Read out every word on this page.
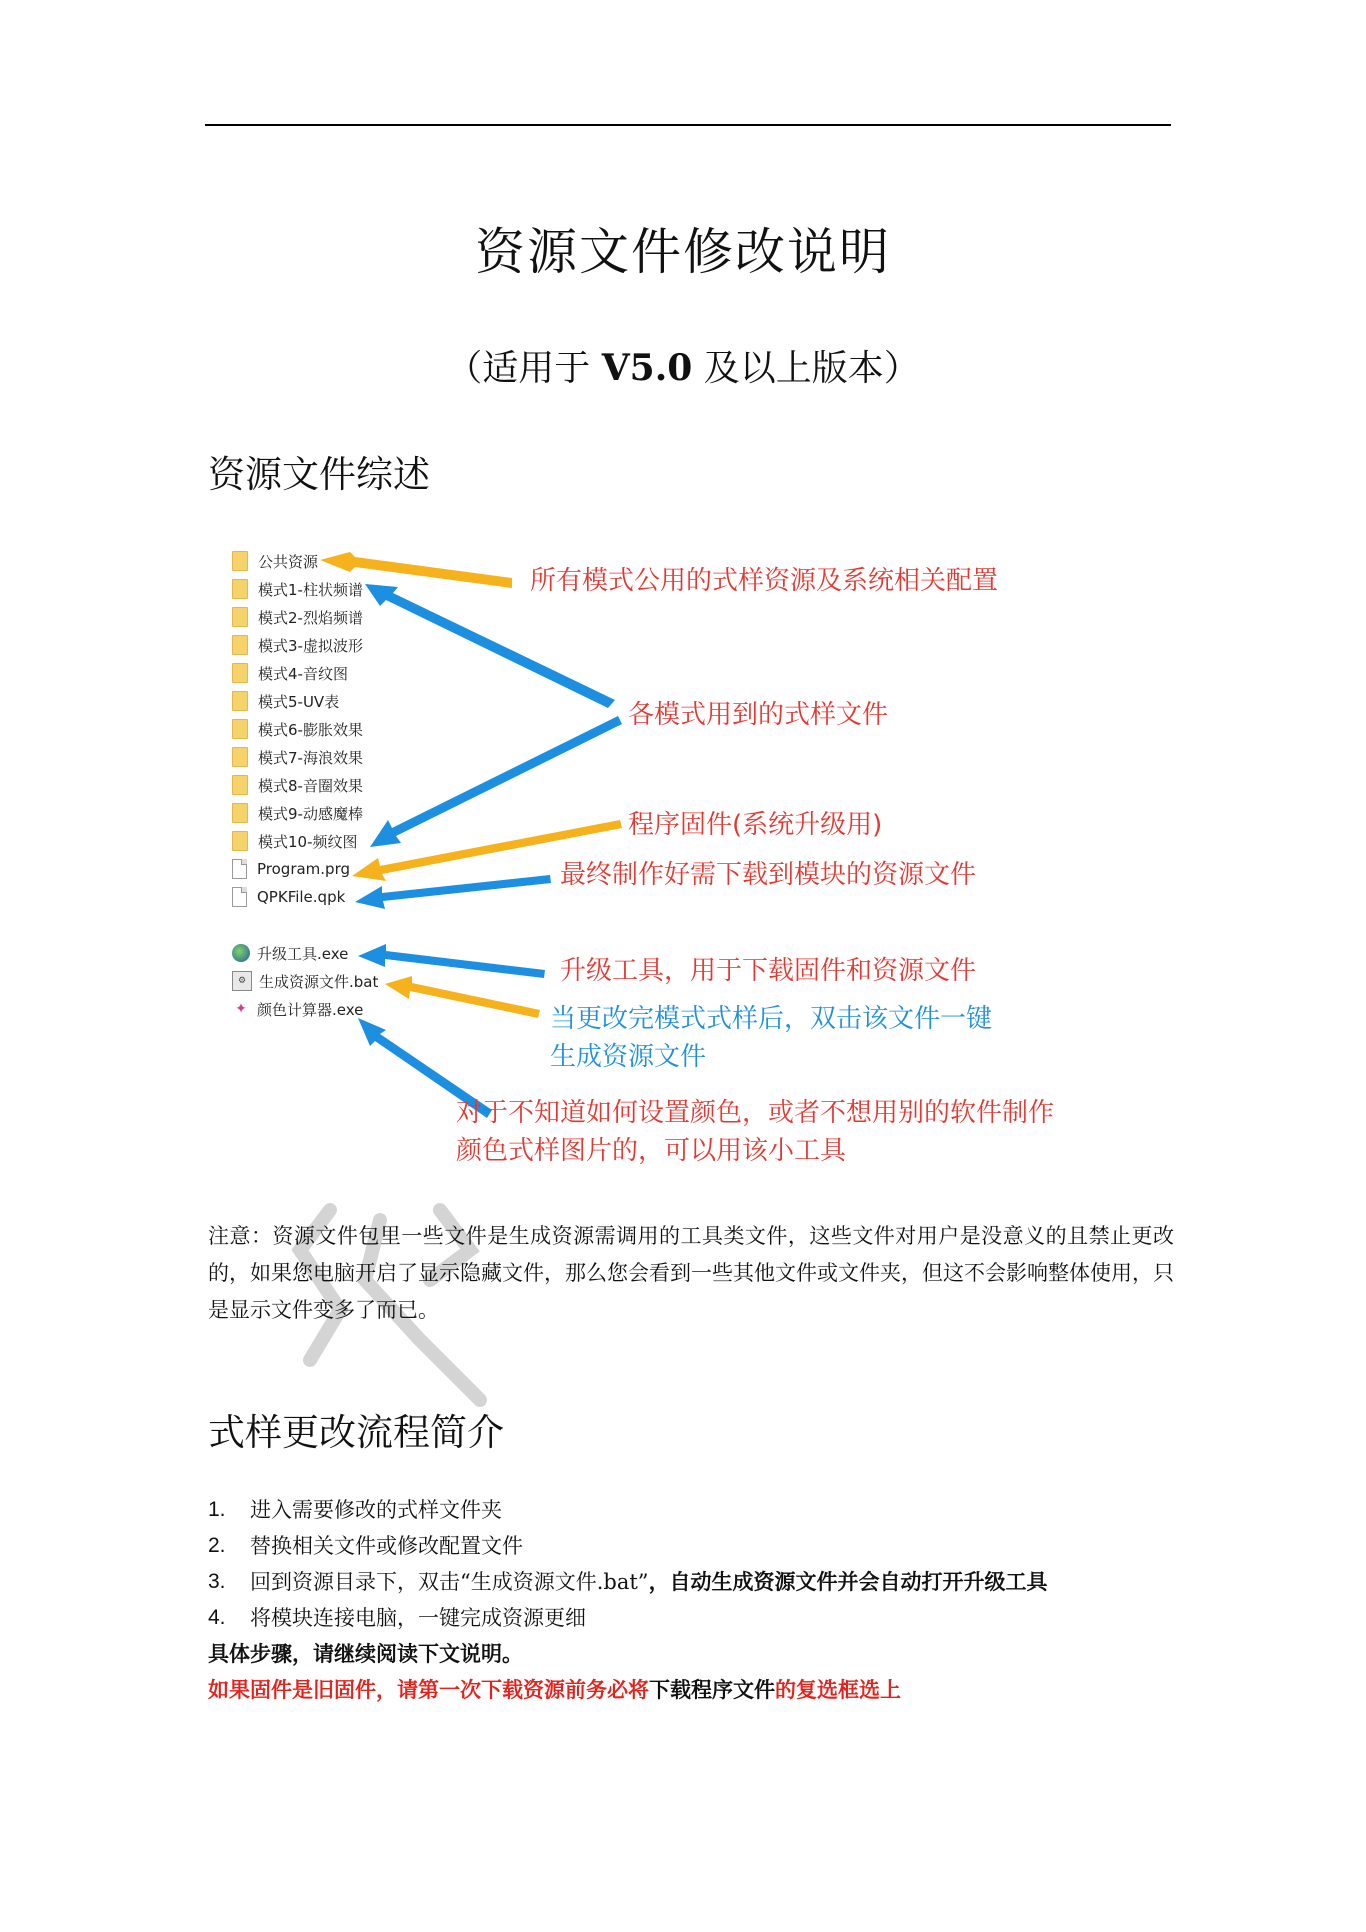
资源文件修改说明
（适用于 V5.0 及以上版本）
资源文件综述
公共资源
模式1-柱状频谱
模式2-烈焰频谱
模式3-虚拟波形
模式4-音纹图
模式5-UV表
模式6-膨胀效果
模式7-海浪效果
模式8-音圈效果
模式9-动感魔棒
模式10-频纹图
Program.prg
QPKFile.qpk
升级工具.exe
⚙ 生成资源文件.bat
✦ 颜色计算器.exe
所有模式公用的式样资源及系统相关配置
各模式用到的式样文件
程序固件(系统升级用)
最终制作好需下载到模块的资源文件
升级工具，用于下载固件和资源文件
当更改完模式式样后，双击该文件一键
生成资源文件
对于不知道如何设置颜色，或者不想用别的软件制作
颜色式样图片的，可以用该小工具
注意：资源文件包里一些文件是生成资源需调用的工具类文件，这些文件对用户是没意义的且禁止更改的，如果您电脑开启了显示隐藏文件，那么您会看到一些其他文件或文件夹，但这不会影响整体使用，只是显示文件变多了而已。
式样更改流程简介
1.	进入需要修改的式样文件夹
2.	替换相关文件或修改配置文件
3.	回到资源目录下，双击“生成资源文件.bat” ，自动生成资源文件并会自动打开升级工具
4.	将模块连接电脑，一键完成资源更细
具体步骤，请继续阅读下文说明。
如果固件是旧固件，请第一次下载资源前务必将下载程序文件的复选框选上
